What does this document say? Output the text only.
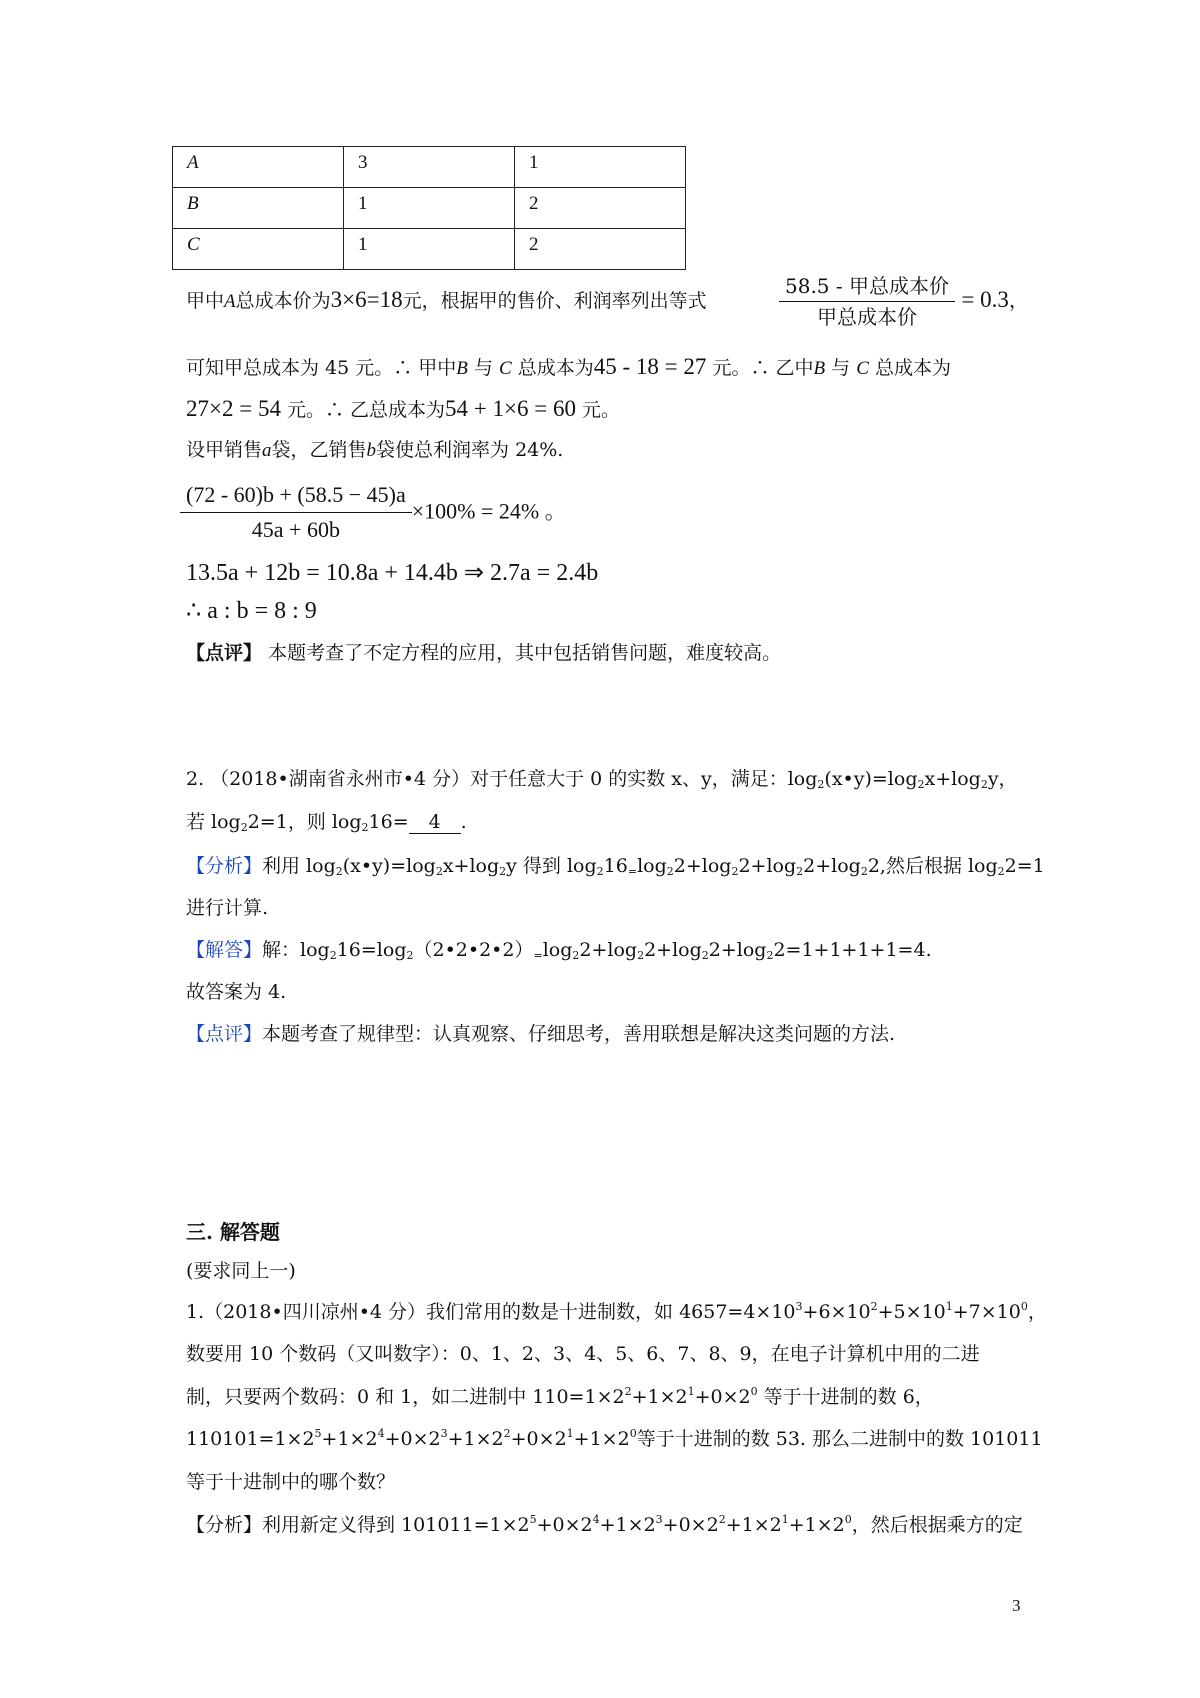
A	3	1
B	1	2
C	1	2
甲中A总成本价为3×6=18元，根据甲的售价、利润率列出等式	$\frac{\text{58.5 - 甲总成本价}}{\text{甲总成本价}} = 0.3$，
可知甲总成本为 45 元。∴ 甲中B 与 C 总成本为45 - 18 = 27 元。∴ 乙中B 与 C 总成本为
27×2 = 54 元。∴ 乙总成本为54 + 1×6 = 60 元。
设甲销售a袋，乙销售b袋使总利润率为 24%.
$\frac{(72 - 60)b + (58.5 - 45)a}{45a + 60b} \times 100\% = 24\%$ 。
13.5a + 12b = 10.8a + 14.4b ⇒ 2.7a = 2.4b
∴ a : b = 8 : 9
【点评】 本题考查了不定方程的应用，其中包括销售问题，难度较高。
2. （2018•湖南省永州市•4 分）对于任意大于 0 的实数 x、y，满足：$\log_2(x•y)=\log_2x+\log_2y$，
若 $\log_22=1$，则 $\log_216= 4$ .
【分析】利用 $\log_2(x•y)=\log_2x+\log_2y$ 得到 $\log_216_=\log_22+\log_22+\log_22+\log_22$,然后根据 $\log_22=1$
进行计算.
【解答】解：$\log_216=\log_2(2•2•2•2)_=\log_22+\log_22+\log_22+\log_22=1+1+1+1=4$.
故答案为 4.
【点评】本题考查了规律型：认真观察、仔细思考，善用联想是解决这类问题的方法.
三. 解答题
(要求同上一)
1.（2018•四川凉州•4 分）我们常用的数是十进制数，如 $4657=4\times 10^3+6\times 10^2+5\times 10^1+7\times 10^0$，
数要用 10 个数码（又叫数字）：0、1、2、3、4、5、6、7、8、9，在电子计算机中用的二进
制，只要两个数码：0 和 1，如二进制中 $110=1\times 2^2+1\times 2^1+0\times 2^0$ 等于十进制的数 6，
$110101=1\times 2^5+1\times 2^4+0\times 2^3+1\times 2^2+0\times 2^1+1\times 2^0$等于十进制的数 53. 那么二进制中的数 101011
等于十进制中的哪个数？
【分析】利用新定义得到 $101011=1\times 2^5+0\times 2^4+1\times 2^3+0\times 2^2+1\times 2^1+1\times 2^0$，然后根据乘方的定
3
